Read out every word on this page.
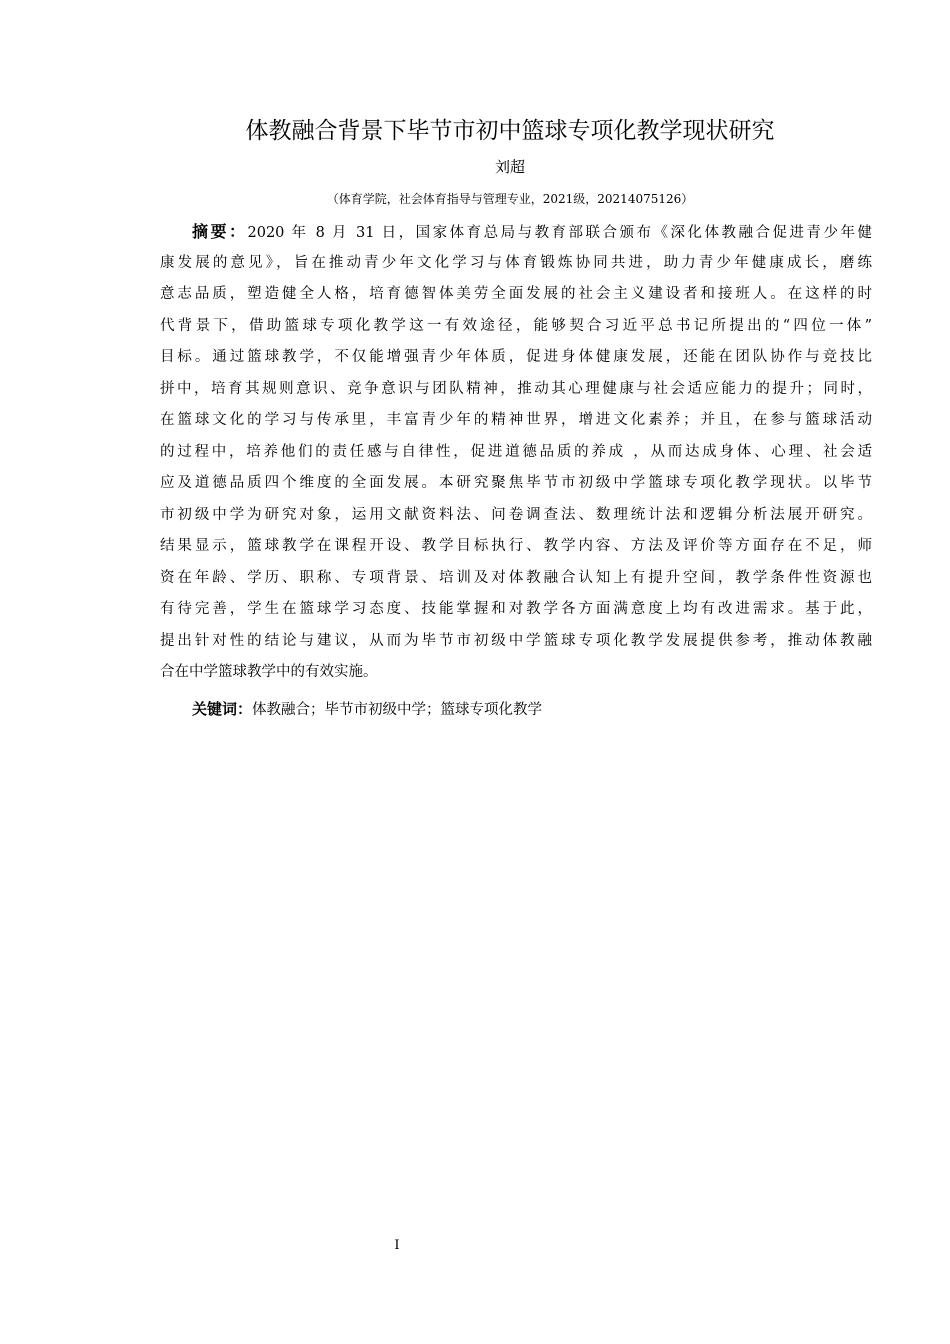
体教融合背景下毕节市初中篮球专项化教学现状研究
刘超
（体育学院，社会体育指导与管理专业，2021级，20214075126）
摘要：2020 年 8 月 31 日，国家体育总局与教育部联合颁布《深化体教融合促进青少年健
康发展的意见》，旨在推动青少年文化学习与体育锻炼协同共进，助力青少年健康成长，磨练
意志品质，塑造健全人格，培育德智体美劳全面发展的社会主义建设者和接班人。在这样的时
代背景下，借助篮球专项化教学这一有效途径，能够契合习近平总书记所提出的“四位一体”
目标。通过篮球教学，不仅能增强青少年体质，促进身体健康发展，还能在团队协作与竞技比
拼中，培育其规则意识、竞争意识与团队精神，推动其心理健康与社会适应能力的提升；同时，
在篮球文化的学习与传承里，丰富青少年的精神世界，增进文化素养；并且，在参与篮球活动
的过程中，培养他们的责任感与自律性，促进道德品质的养成 ，从而达成身体、心理、社会适
应及道德品质四个维度的全面发展。本研究聚焦毕节市初级中学篮球专项化教学现状。以毕节
市初级中学为研究对象，运用文献资料法、问卷调查法、数理统计法和逻辑分析法展开研究。
结果显示，篮球教学在课程开设、教学目标执行、教学内容、方法及评价等方面存在不足，师
资在年龄、学历、职称、专项背景、培训及对体教融合认知上有提升空间，教学条件性资源也
有待完善，学生在篮球学习态度、技能掌握和对教学各方面满意度上均有改进需求。基于此，
提出针对性的结论与建议，从而为毕节市初级中学篮球专项化教学发展提供参考，推动体教融
合在中学篮球教学中的有效实施。
关键词：体教融合；毕节市初级中学；篮球专项化教学
I
